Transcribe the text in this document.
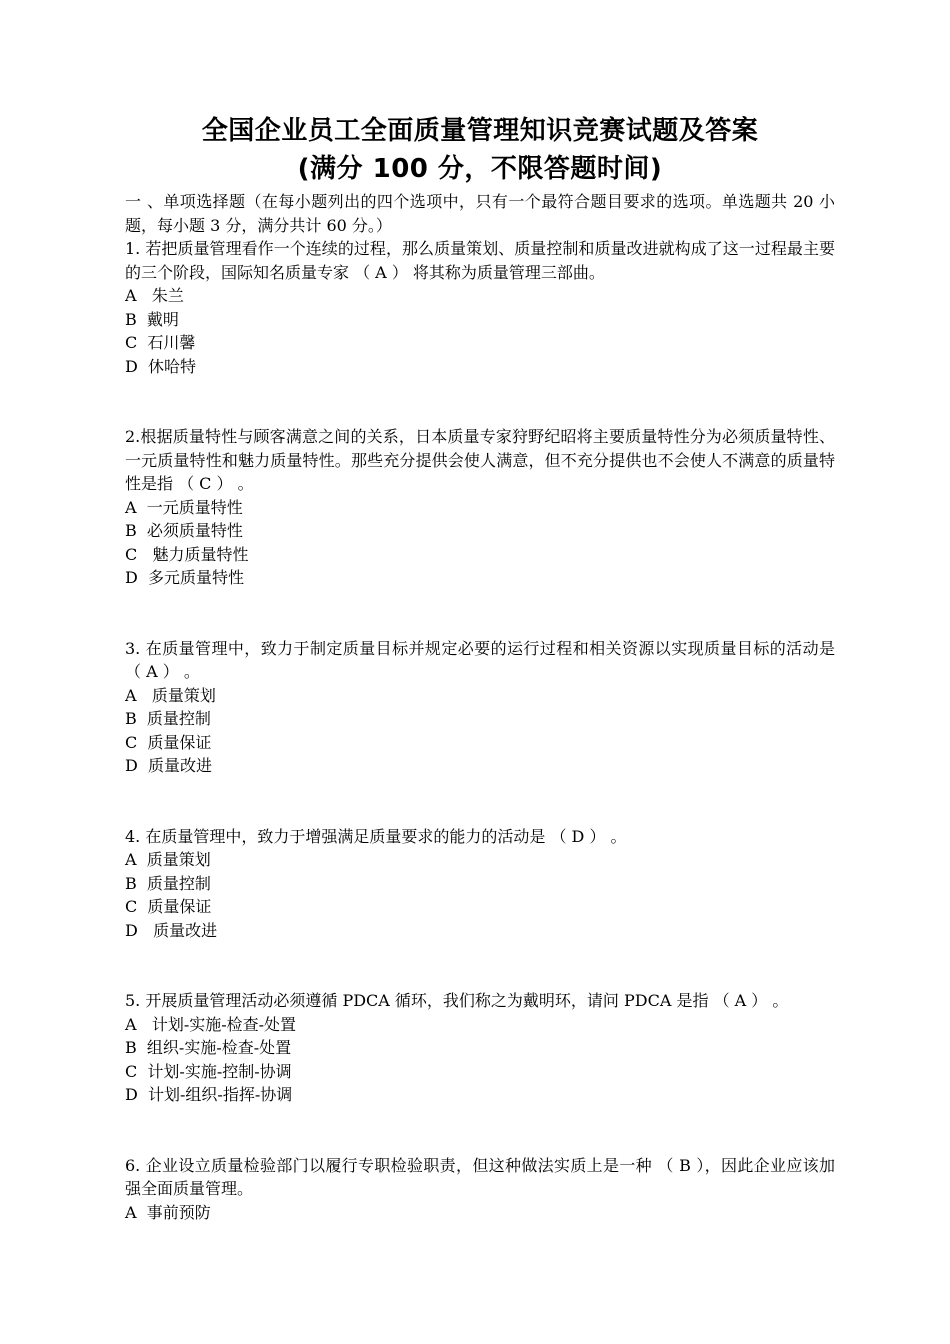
全国企业员工全面质量管理知识竞赛试题及答案
(满分 100 分，不限答题时间)
一 、单项选择题（在每小题列出的四个选项中，只有一个最符合题目要求的选项。单选题共 20 小题，每小题 3 分，满分共计 60 分。）
1. 若把质量管理看作一个连续的过程，那么质量策划、质量控制和质量改进就构成了这一过程最主要的三个阶段，国际知名质量专家 （ A ） 将其称为质量管理三部曲。
A   朱兰
B  戴明
C  石川馨
D  休哈特
2.根据质量特性与顾客满意之间的关系，日本质量专家狩野纪昭将主要质量特性分为必须质量特性、一元质量特性和魅力质量特性。那些充分提供会使人满意，但不充分提供也不会使人不满意的质量特性是指 （ C ） 。
A  一元质量特性
B  必须质量特性
C   魅力质量特性
D  多元质量特性
3. 在质量管理中，致力于制定质量目标并规定必要的运行过程和相关资源以实现质量目标的活动是 （ A ） 。
A   质量策划
B  质量控制
C  质量保证
D  质量改进
4. 在质量管理中，致力于增强满足质量要求的能力的活动是 （ D ） 。
A  质量策划
B  质量控制
C  质量保证
D   质量改进
5. 开展质量管理活动必须遵循 PDCA 循环，我们称之为戴明环，请问 PDCA 是指 （ A ） 。
A   计划-实施-检查-处置
B  组织-实施-检查-处置
C  计划-实施-控制-协调
D  计划-组织-指挥-协调
6. 企业设立质量检验部门以履行专职检验职责，但这种做法实质上是一种 （ B ），因此企业应该加强全面质量管理。
A  事前预防
